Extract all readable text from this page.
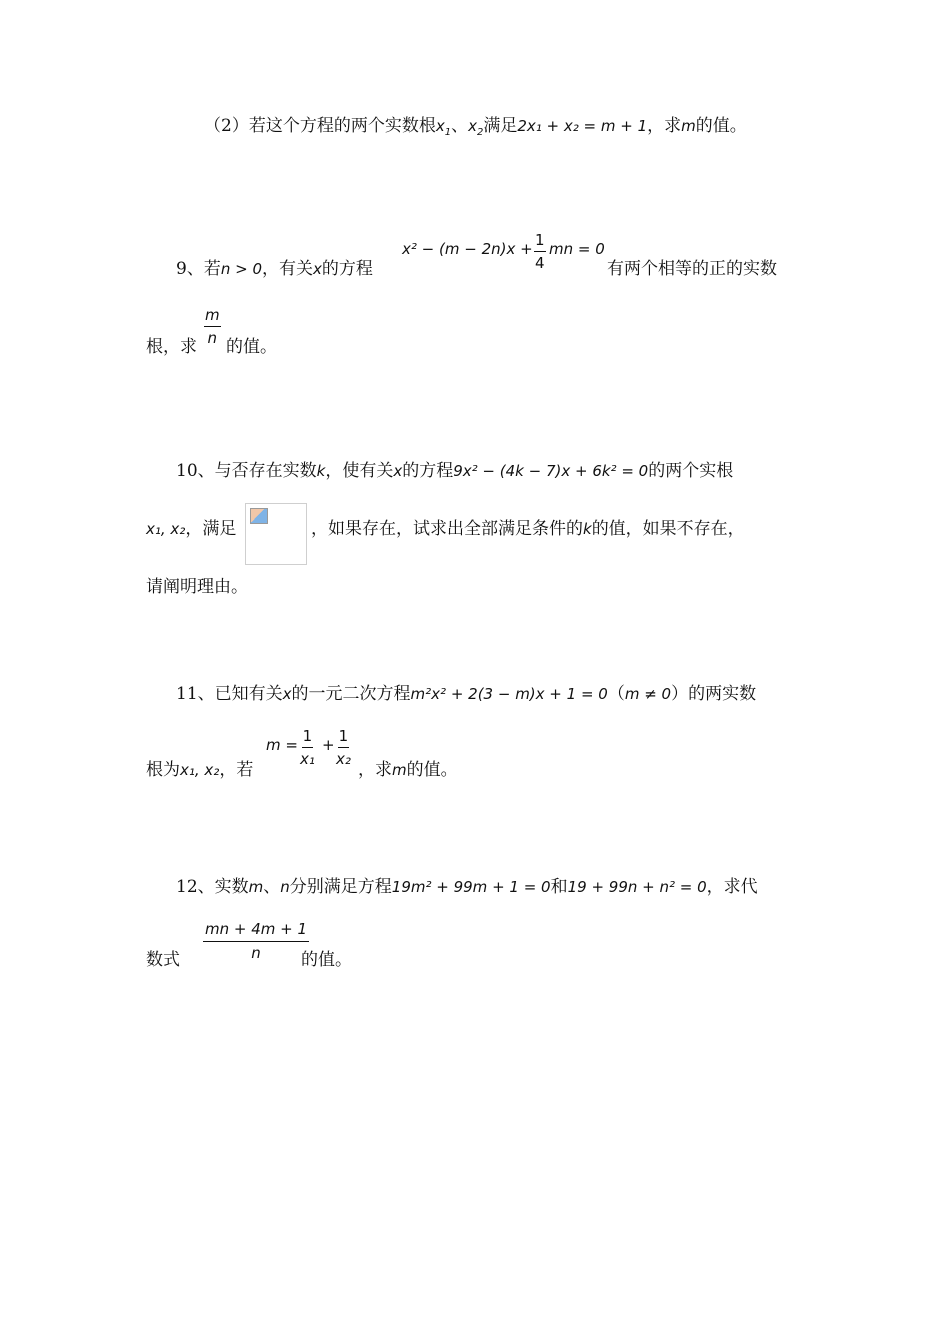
（2）若这个方程的两个实数根$x_1$、$x_2$满足2x₁ + x₂ = m + 1，求m的值。
9、若n > 0，有关x的方程
$x^2 - (m - 2n)x + \frac{1}{4}$ mn = 0
有两个相等的正的实数
根，求 $\frac{m}{n}$ 的值。
10、与否存在实数k，使有关x的方程9x² − (4k − 7)x + 6k² = 0的两个实根
x₁, x₂，满足	，如果存在，试求出全部满足条件的k的值，如果不存在，
请阐明理由。
11、已知有关x的一元二次方程m²x² + 2(3 − m)x + 1 = 0（m ≠ 0）的两实数
根为x₁, x₂，若
$m = \frac{1}{\text{x₁}} + \frac{1}{\text{x₂}}$
，求m的值。
12、实数m、n分别满足方程19m² + 99m + 1 = 0和19 + 99n + n² = 0，求代
数式 $\frac{mn + 4m + 1}{n}$
的值。
